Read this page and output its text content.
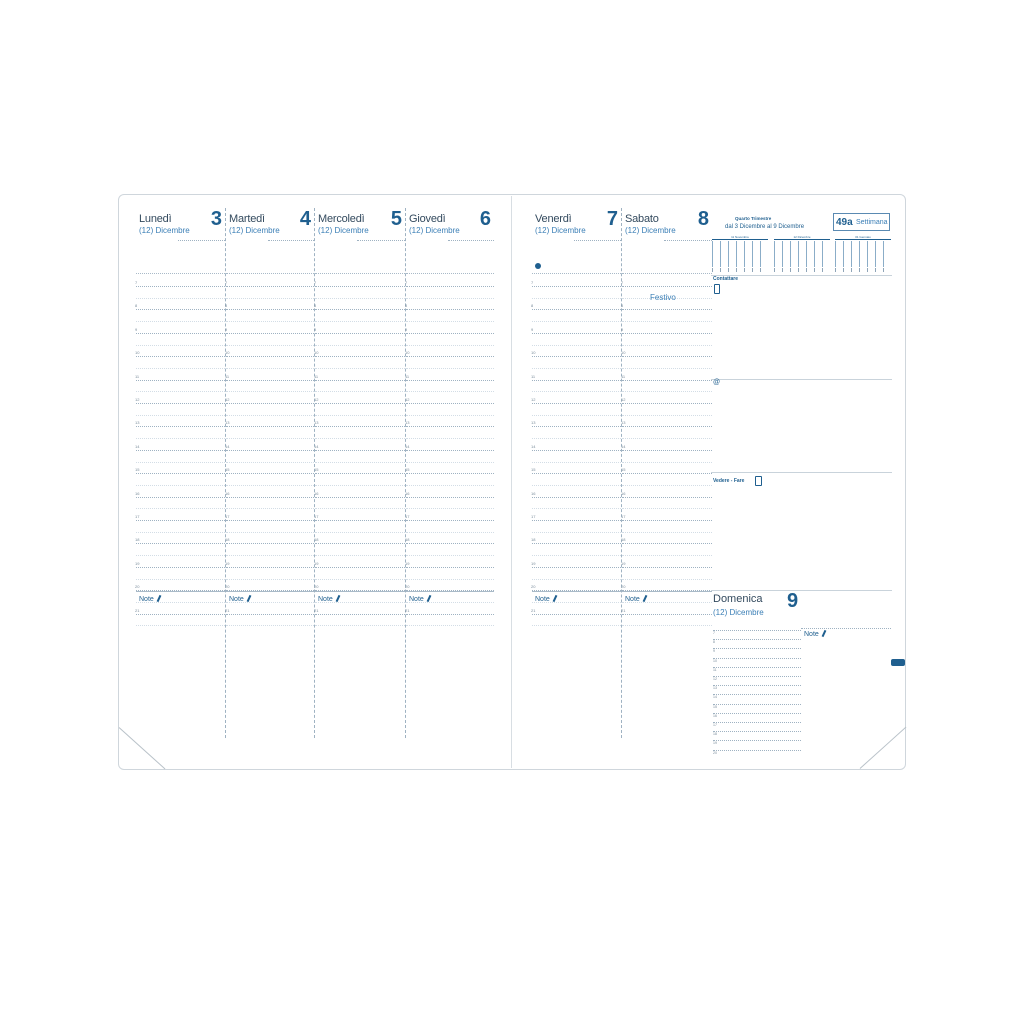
Lunedì 3
(12) Dicembre
7
8
9
10
11
12
13
14
15
16
17
18
19
20
21
Note
Martedì 4
(12) Dicembre
7
8
9
10
11
12
13
14
15
16
17
18
19
20
21
Note
Mercoledì 5
(12) Dicembre
7
8
9
10
11
12
13
14
15
16
17
18
19
20
21
Note
Giovedì 6
(12) Dicembre
7
8
9
10
11
12
13
14
15
16
17
18
19
20
21
Note
Venerdì 7
(12) Dicembre
7
8
9
10
11
12
13
14
15
16
17
18
19
20
21
Note
Sabato 8
(12) Dicembre
7
8
9
10
11
12
13
14
15
16
17
18
19
20
21
Note
Festivo
Quarto Trimestre
dal 3 Dicembre al 9 Dicembre	49a Settimana
11 Novembre	12 Dicembre	01 Gennaio
Contattare
@
Vedere - Fare
Domenica 9
(12) Dicembre
7
8
9
10
11
12
13
14
15
16
17
18
19
20
Note
